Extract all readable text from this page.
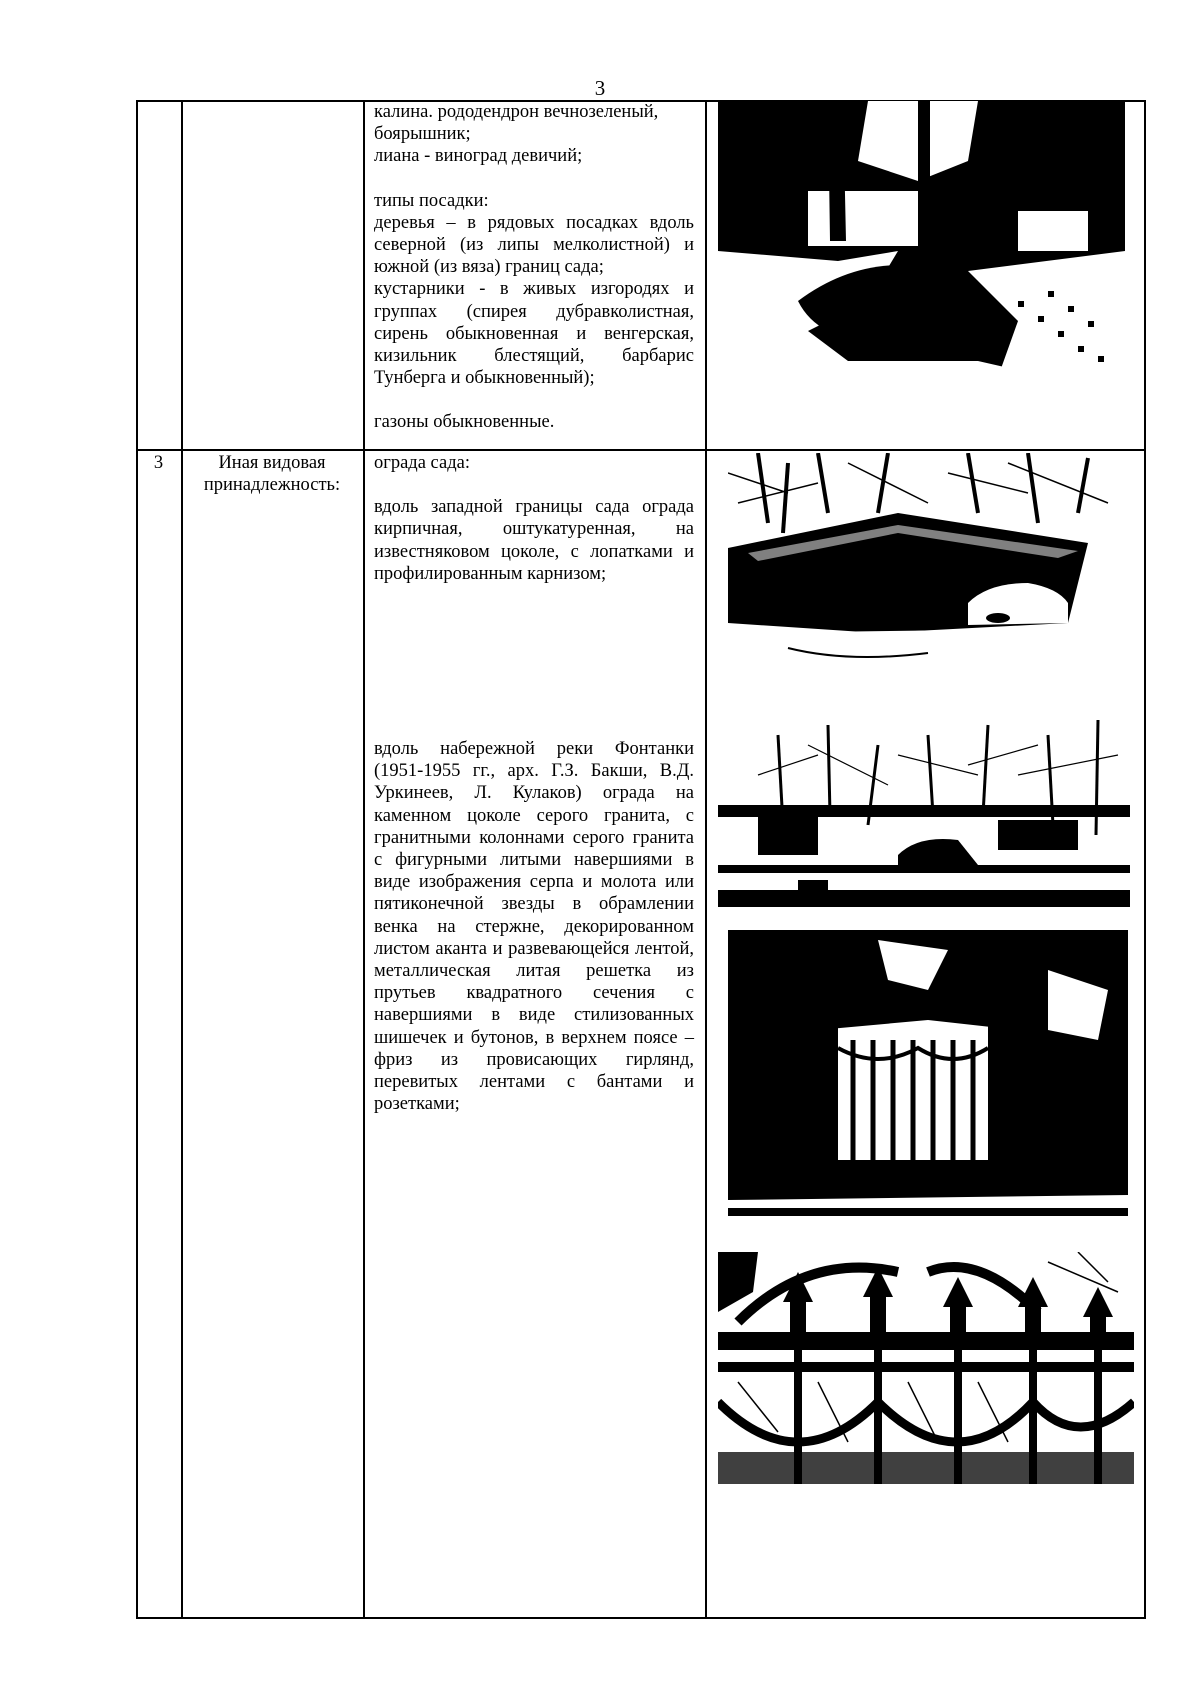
3

калина. рододендрон вечнозеленый,

боярышник;

лиана - виноград девичий;

типы посадки:

деревья – в рядовых посадках вдоль северной (из липы мелколистной) и южной (из вяза) границ сада;

кустарники - в живых изгородях и группах (спирея дубравколистная, сирень обыкновенная и венгерская, кизильник блестящий, барбарис Тунберга и обыкновенный);

газоны обыкновенные.

3	Иная видовая принадлежность:

ограда сада:

вдоль западной границы сада ограда кирпичная, оштукатуренная, на известняковом цоколе, с лопатками и профилированным карнизом;

вдоль набережной реки Фонтанки (1951-1955 гг., арх. Г.З. Бакши, В.Д. Уркинеев, Л. Кулаков) ограда на каменном цоколе серого гранита, с гранитными колоннами серого гранита с фигурными литыми навершиями в виде изображения серпа и молота или пятиконечной звезды в обрамлении венка на стержне, декорированном листом аканта и развевающейся лентой, металлическая литая решетка из прутьев квадратного сечения с навершиями в виде стилизованных шишечек и бутонов, в верхнем поясе – фриз из провисающих гирлянд, перевитых лентами с бантами и розетками;
